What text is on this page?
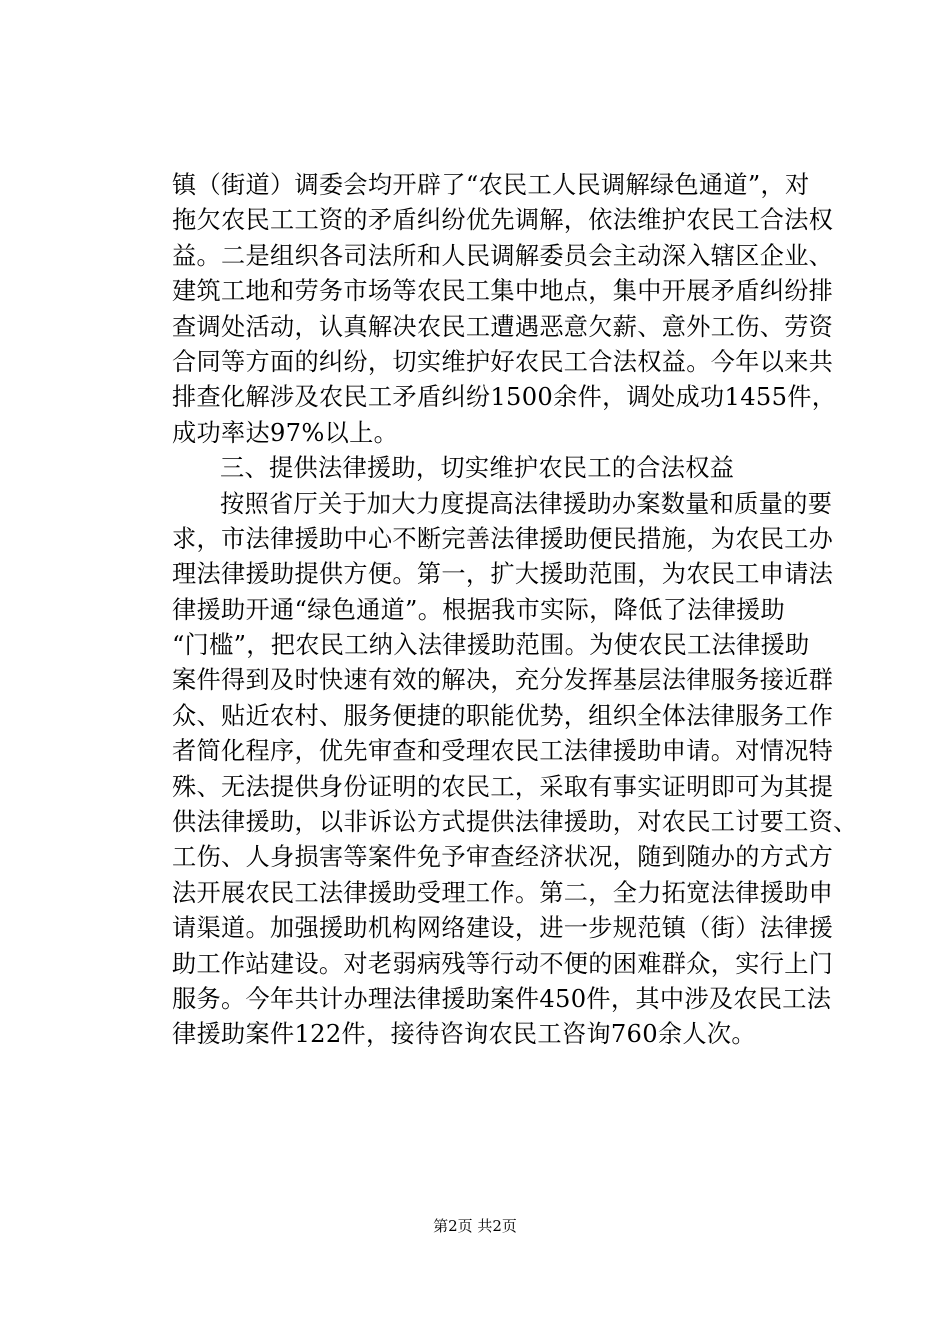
镇（街道）调委会均开辟了“农民工人民调解绿色通道”，对
拖欠农民工工资的矛盾纠纷优先调解，依法维护农民工合法权
益。二是组织各司法所和人民调解委员会主动深入辖区企业、
建筑工地和劳务市场等农民工集中地点，集中开展矛盾纠纷排
查调处活动，认真解决农民工遭遇恶意欠薪、意外工伤、劳资
合同等方面的纠纷，切实维护好农民工合法权益。今年以来共
排查化解涉及农民工矛盾纠纷1500余件，调处成功1455件，
成功率达97%以上。
三、提供法律援助，切实维护农民工的合法权益
按照省厅关于加大力度提高法律援助办案数量和质量的要
求，市法律援助中心不断完善法律援助便民措施，为农民工办
理法律援助提供方便。第一，扩大援助范围，为农民工申请法
律援助开通“绿色通道”。根据我市实际，降低了法律援助
“门槛”，把农民工纳入法律援助范围。为使农民工法律援助
案件得到及时快速有效的解决，充分发挥基层法律服务接近群
众、贴近农村、服务便捷的职能优势，组织全体法律服务工作
者简化程序，优先审查和受理农民工法律援助申请。对情况特
殊、无法提供身份证明的农民工，采取有事实证明即可为其提
供法律援助，以非诉讼方式提供法律援助，对农民工讨要工资、
工伤、人身损害等案件免予审查经济状况，随到随办的方式方
法开展农民工法律援助受理工作。第二，全力拓宽法律援助申
请渠道。加强援助机构网络建设，进一步规范镇（街）法律援
助工作站建设。对老弱病残等行动不便的困难群众，实行上门
服务。今年共计办理法律援助案件450件，其中涉及农民工法
律援助案件122件，接待咨询农民工咨询760余人次。
第2页 共2页
